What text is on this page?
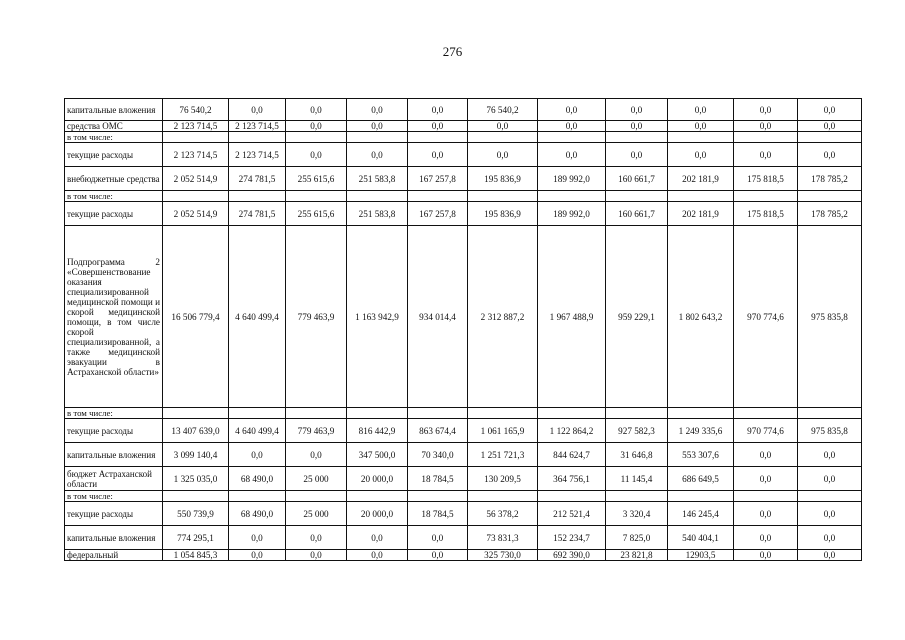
276
капитальные вложения	76 540,2	0,0	0,0	0,0	0,0	76 540,2	0,0	0,0	0,0	0,0	0,0
средства ОМС	2 123 714,5	2 123 714,5	0,0	0,0	0,0	0,0	0,0	0,0	0,0	0,0	0,0
в том числе:											
текущие расходы	2 123 714,5	2 123 714,5	0,0	0,0	0,0	0,0	0,0	0,0	0,0	0,0	0,0
внебюджетные средства	2 052 514,9	274 781,5	255 615,6	251 583,8	167 257,8	195 836,9	189 992,0	160 661,7	202 181,9	175 818,5	178 785,2
в том числе:											
текущие расходы	2 052 514,9	274 781,5	255 615,6	251 583,8	167 257,8	195 836,9	189 992,0	160 661,7	202 181,9	175 818,5	178 785,2
Подпрограмма 2 «Совершенствование оказания специализированной медицинской помощи и скорой медицинской помощи, в том числе скорой специализированной, а также медицинской эвакуации в Астраханской области»	16 506 779,4	4 640 499,4	779 463,9	1 163 942,9	934 014,4	2 312 887,2	1 967 488,9	959 229,1	1 802 643,2	970 774,6	975 835,8
в том числе:											
текущие расходы	13 407 639,0	4 640 499,4	779 463,9	816 442,9	863 674,4	1 061 165,9	1 122 864,2	927 582,3	1 249 335,6	970 774,6	975 835,8
капитальные вложения	3 099 140,4	0,0	0,0	347 500,0	70 340,0	1 251 721,3	844 624,7	31 646,8	553 307,6	0,0	0,0
бюджет Астраханской области	1 325 035,0	68 490,0	25 000	20 000,0	18 784,5	130 209,5	364 756,1	11 145,4	686 649,5	0,0	0,0
в том числе:											
текущие расходы	550 739,9	68 490,0	25 000	20 000,0	18 784,5	56 378,2	212 521,4	3 320,4	146 245,4	0,0	0,0
капитальные вложения	774 295,1	0,0	0,0	0,0	0,0	73 831,3	152 234,7	7 825,0	540 404,1	0,0	0,0
федеральный	1 054 845,3	0,0	0,0	0,0	0,0	325 730,0	692 390,0	23 821,8	12903,5	0,0	0,0
